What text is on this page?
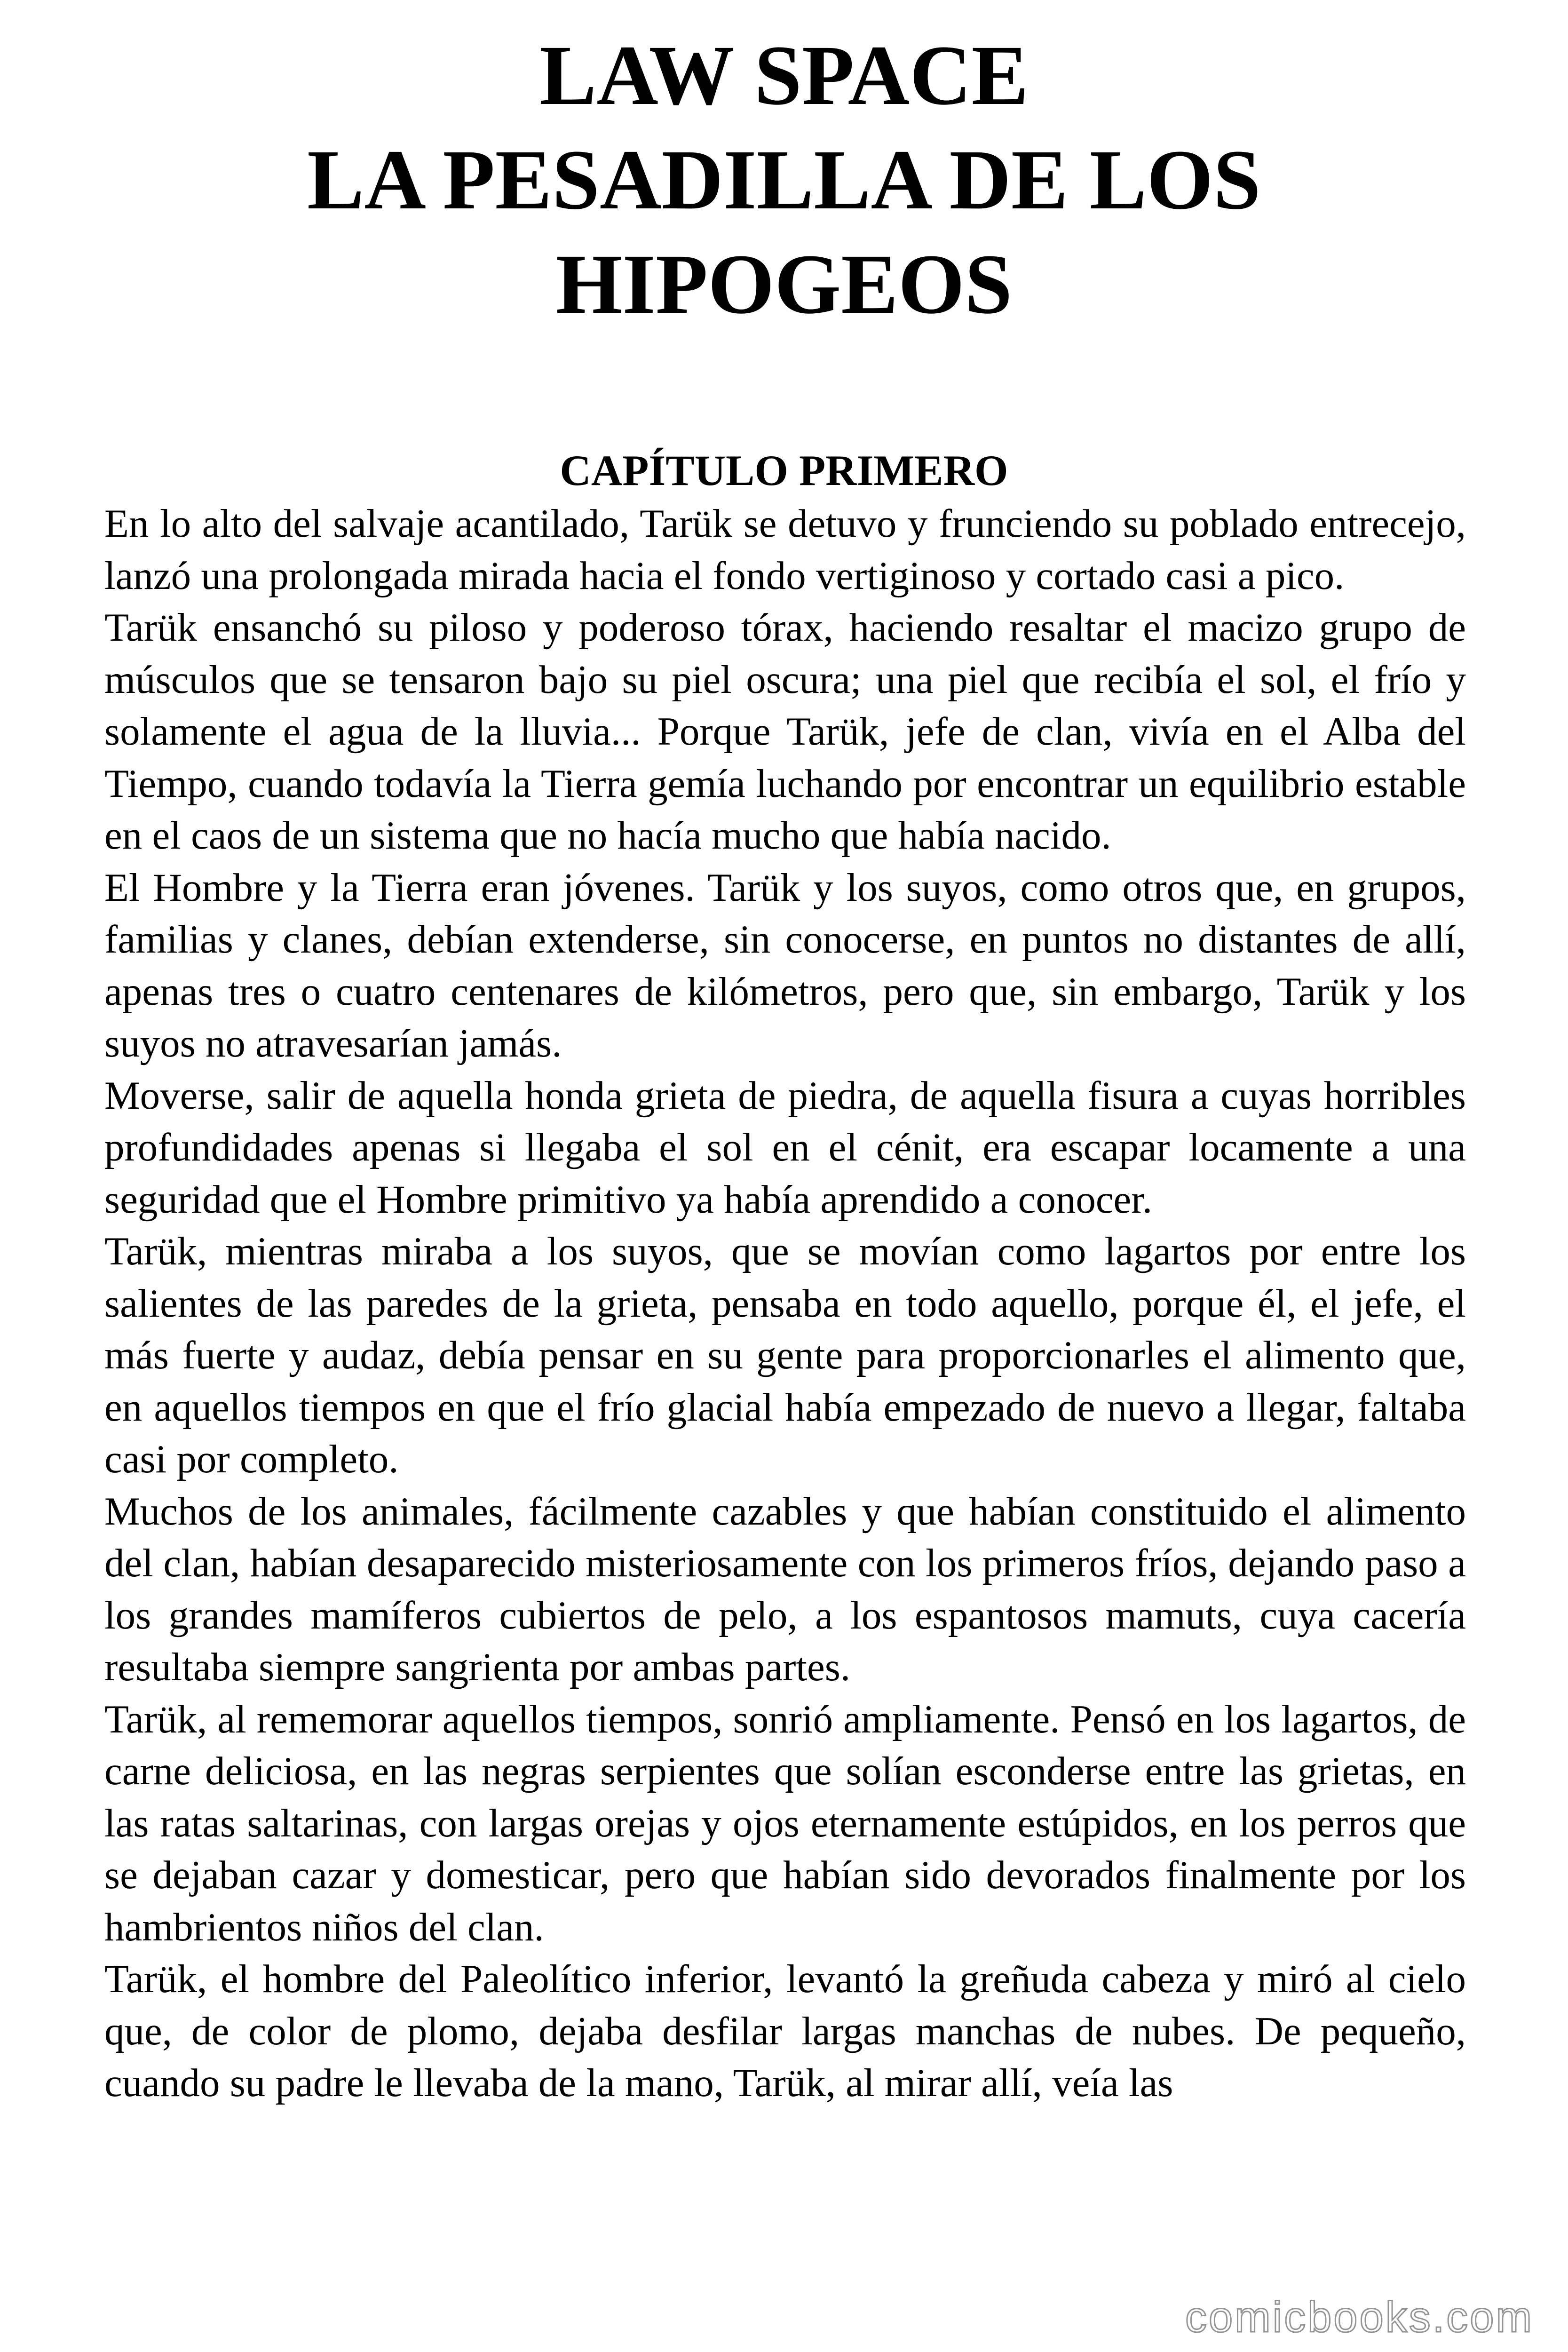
LAW SPACE
LA PESADILLA DE LOS
HIPOGEOS
CAPÍTULO PRIMERO

En lo alto del salvaje acantilado, Tarük se detuvo y frunciendo su poblado entrecejo, lanzó una prolongada mirada hacia el fondo vertiginoso y cortado casi a pico.

Tarük ensanchó su piloso y poderoso tórax, haciendo resaltar el macizo grupo de músculos que se tensaron bajo su piel oscura; una piel que recibía el sol, el frío y solamente el agua de la lluvia... Porque Tarük, jefe de clan, vivía en el Alba del Tiempo, cuando todavía la Tierra gemía luchando por encontrar un equilibrio estable en el caos de un sistema que no hacía mucho que había nacido.

El Hombre y la Tierra eran jóvenes. Tarük y los suyos, como otros que, en grupos, familias y clanes, debían extenderse, sin conocerse, en puntos no distantes de allí, apenas tres o cuatro centenares de kilómetros, pero que, sin embargo, Tarük y los suyos no atravesarían jamás.

Moverse, salir de aquella honda grieta de piedra, de aquella fisura a cuyas horribles profundidades apenas si llegaba el sol en el cénit, era escapar locamente a una seguridad que el Hombre primitivo ya había aprendido a conocer.

Tarük, mientras miraba a los suyos, que se movían como lagartos por entre los salientes de las paredes de la grieta, pensaba en todo aquello, porque él, el jefe, el más fuerte y audaz, debía pensar en su gente para proporcionarles el alimento que, en aquellos tiempos en que el frío glacial había empezado de nuevo a llegar, faltaba casi por completo.

Muchos de los animales, fácilmente cazables y que habían constituido el alimento del clan, habían desaparecido misteriosamente con los primeros fríos, dejando paso a los grandes mamíferos cubiertos de pelo, a los espantosos mamuts, cuya cacería resultaba siempre sangrienta por ambas partes.

Tarük, al rememorar aquellos tiempos, sonrió ampliamente. Pensó en los lagartos, de carne deliciosa, en las negras serpientes que solían esconderse entre las grietas, en las ratas saltarinas, con largas orejas y ojos eternamente estúpidos, en los perros que se dejaban cazar y domesticar, pero que habían sido devorados finalmente por los hambrientos niños del clan.

Tarük, el hombre del Paleolítico inferior, levantó la greñuda cabeza y miró al cielo que, de color de plomo, dejaba desfilar largas manchas de nubes. De pequeño, cuando su padre le llevaba de la mano, Tarük, al mirar allí, veía las

comicbooks.com
